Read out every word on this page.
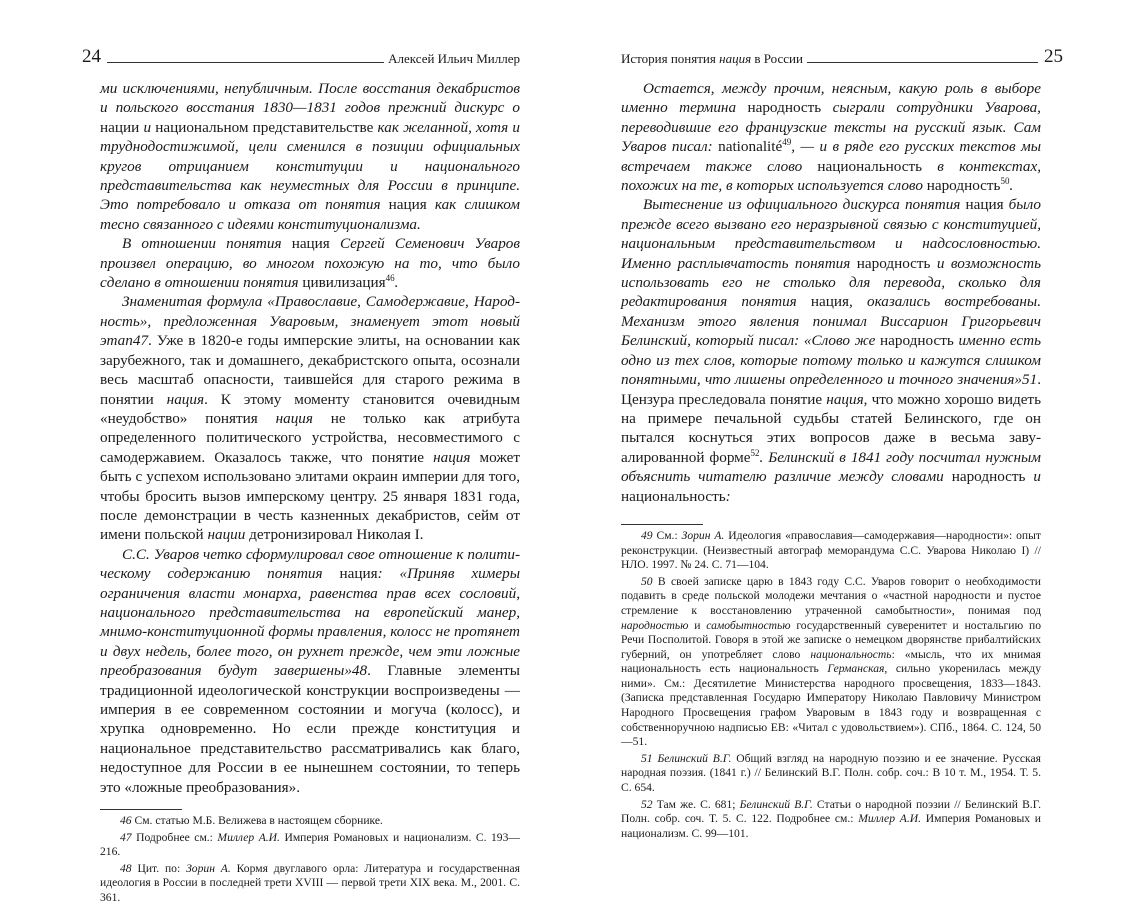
24	Алексей Ильич Миллер

ми исключениями, непубличным. После восстания декабристов и польского восстания 1830—1831 годов прежний дискурс о нации и национальном представительстве как желанной, хотя и труднодостижимой, цели сменился в позиции официальных кругов отрицанием конституции и национального представительства как неуместных для России в принципе. Это потребовало и отказа от понятия нация как слишком тесно связанного с идеями конституционализма.

В отношении понятия нация Сергей Семенович Уваров произвел операцию, во многом похожую на то, что было сделано в отношении понятия цивилизация$^{46}$.

Знаменитая формула «Православие, Самодержавие, Народность», предложенная Уваровым, знаменует этот новый этап47. Уже в 1820-е годы имперские элиты, на основании как зарубежного, так и домашнего, декабристского опыта, осознали весь масштаб опасности, таившейся для старого режима в понятии нация. К этому моменту становится очевидным «неудобство» понятия нация не только как атрибута определенного политического устройства, несовместимого с самодержавием. Оказалось также, что понятие нация может быть с успехом использовано элитами окраин империи для того, чтобы бросить вызов имперскому центру. 25 января 1831 года, после демонстрации в честь казненных декабристов, сейм от имени польской нации детронизировал Николая I.

С.С. Уваров четко сформулировал свое отношение к политическому содержанию понятия нация: «Приняв химеры ограничения власти монарха, равенства прав всех сословий, национального представительства на европейский манер, мнимо-конституционной формы правления, колосс не протянет и двух недель, более того, он рухнет прежде, чем эти ложные преобразования будут завершены»48. Главные элементы традиционной идеологической конструкции воспроизведены — империя в ее современном состоянии и могуча (колосс), и хрупка одновременно. Но если прежде конституция и национальное представительство рассматривались как благо, недоступное для России в ее нынешнем состоянии, то теперь это «ложные преобразования».

46 См. статью М.Б. Велижева в настоящем сборнике.

47 Подробнее см.: Миллер А.И. Империя Романовых и национализм. С. 193—216.

48 Цит. по: Зорин А. Кормя двуглавого орла: Литература и государственная идеология в России в последней трети XVIII — первой трети XIX века. М., 2001. С. 361.

История понятия нация в России	25

Остается, между прочим, неясным, какую роль в выборе именно термина народность сыграли сотрудники Уварова, переводившие его французские тексты на русский язык. Сам Уваров писал: nationalité$^{49}$, — и в ряде его русских текстов мы встречаем также слово национальность в контекстах, похожих на те, в которых используется слово народность$^{50}$.

Вытеснение из официального дискурса понятия нация было прежде всего вызвано его неразрывной связью с конституцией, национальным представительством и надсословностью. Именно расплывчатость понятия народность и возможность использовать его не столько для перевода, сколько для редактирования понятия нация, оказались востребованы. Механизм этого явления понимал Виссарион Григорьевич Белинский, который писал: «Слово же народность именно есть одно из тех слов, которые потому только и кажутся слишком понятными, что лишены определенного и точного значения»51. Цензура преследовала понятие нация, что можно хорошо видеть на примере печальной судьбы статей Белинского, где он пытался коснуться этих вопросов даже в весьма завуалированной форме$^{52}$. Белинский в 1841 году посчитал нужным объяснить читателю различие между словами народность и национальность:

49 См.: Зорин А. Идеология «православия—самодержавия—народности»: опыт реконструкции. (Неизвестный автограф меморандума С.С. Уварова Николаю I) // НЛО. 1997. № 24. С. 71—104.

50 В своей записке царю в 1843 году С.С. Уваров говорит о необходимости подавить в среде польской молодежи мечтания о «частной народности и пустое стремление к восстановлению утраченной самобытности», понимая под народностью и самобытностью государственный суверенитет и ностальгию по Речи Посполитой. Говоря в этой же записке о немецком дворянстве прибалтийских губерний, он употребляет слово национальность: «мысль, что их мнимая национальность есть национальность Германская, сильно укоренилась между ними». См.: Десятилетие Министерства народного просвещения, 1833—1843. (Записка представленная Государю Императору Николаю Павловичу Министром Народного Просвещения графом Уваровым в 1843 году и возвращенная с собственноручною надписью ЕВ: «Читал с удовольствием»). СПб., 1864. С. 124, 50—51.

51 Белинский В.Г. Общий взгляд на народную поэзию и ее значение. Русская народная поэзия. (1841 г.) // Белинский В.Г. Полн. собр. соч.: В 10 т. М., 1954. Т. 5. С. 654.

52 Там же. С. 681; Белинский В.Г. Статьи о народной поэзии // Белинский В.Г. Полн. собр. соч. Т. 5. С. 122. Подробнее см.: Миллер А.И. Империя Романовых и национализм. С. 99—101.
